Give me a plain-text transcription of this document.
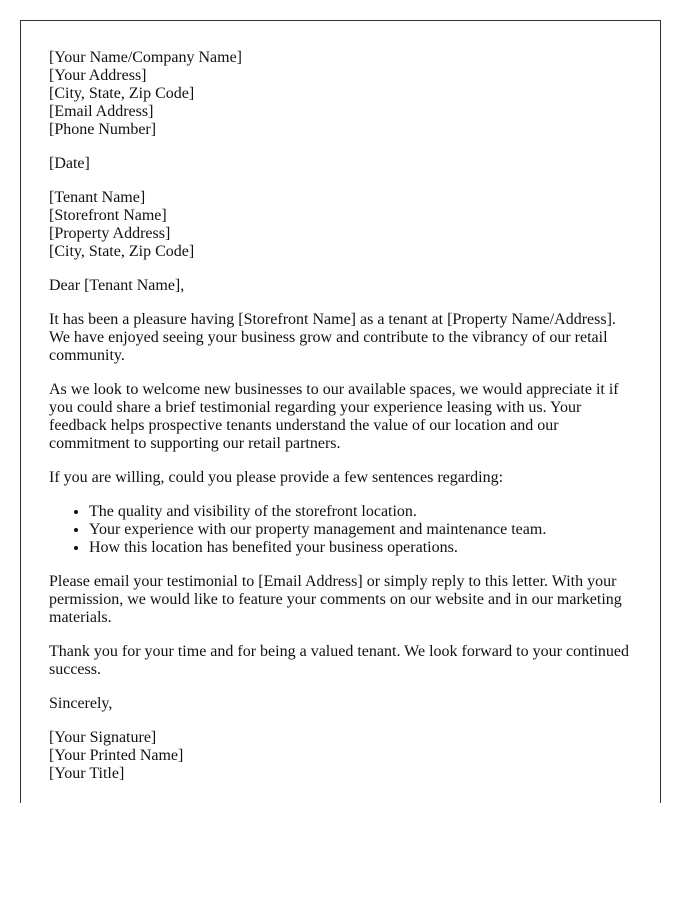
[Your Name/Company Name]
[Your Address]
[City, State, Zip Code]
[Email Address]
[Phone Number]

[Date]

[Tenant Name]
[Storefront Name]
[Property Address]
[City, State, Zip Code]

Dear [Tenant Name],

It has been a pleasure having [Storefront Name] as a tenant at [Property Name/Address]. We have enjoyed seeing your business grow and contribute to the vibrancy of our retail community.

As we look to welcome new businesses to our available spaces, we would appreciate it if you could share a brief testimonial regarding your experience leasing with us. Your feedback helps prospective tenants understand the value of our location and our commitment to supporting our retail partners.

If you are willing, could you please provide a few sentences regarding:

• The quality and visibility of the storefront location.
• Your experience with our property management and maintenance team.
• How this location has benefited your business operations.

Please email your testimonial to [Email Address] or simply reply to this letter. With your permission, we would like to feature your comments on our website and in our marketing materials.

Thank you for your time and for being a valued tenant. We look forward to your continued success.

Sincerely,

[Your Signature]
[Your Printed Name]
[Your Title]
